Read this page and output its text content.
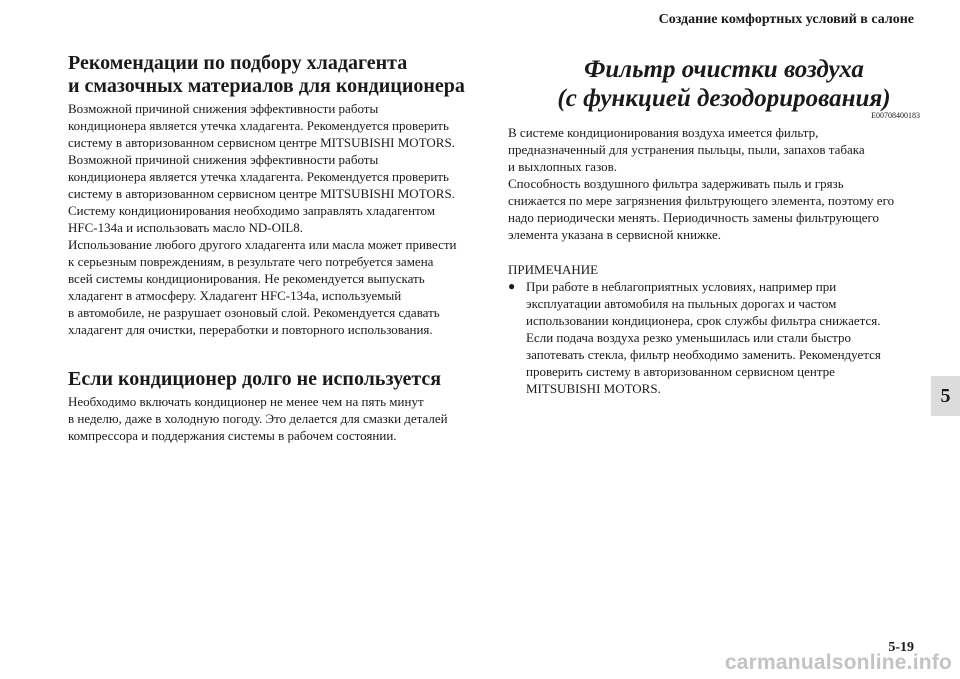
Создание комфортных условий в салоне
Рекомендации по подбору хладагента
и смазочных материалов для кондиционера

Возможной причиной снижения эффективности работы
кондиционера является утечка хладагента. Рекомендуется проверить
систему в авторизованном сервисном центре MITSUBISHI MOTORS.
Возможной причиной снижения эффективности работы
кондиционера является утечка хладагента. Рекомендуется проверить
систему в авторизованном сервисном центре MITSUBISHI MOTORS.
Систему кондиционирования необходимо заправлять хладагентом
HFC-134a и использовать масло ND-OIL8.
Использование любого другого хладагента или масла может привести
к серьезным повреждениям, в результате чего потребуется замена
всей системы кондиционирования. Не рекомендуется выпускать
хладагент в атмосферу. Хладагент HFC-134a, используемый
в автомобиле, не разрушает озоновый слой. Рекомендуется сдавать
хладагент для очистки, переработки и повторного использования.

Если кондиционер долго не используется

Необходимо включать кондиционер не менее чем на пять минут
в неделю, даже в холодную погоду. Это делается для смазки деталей
компрессора и поддержания системы в рабочем состоянии.

Фильтр очистки воздуха
(с функцией дезодорирования)
E00708400183

В системе кондиционирования воздуха имеется фильтр,
предназначенный для устранения пыльцы, пыли, запахов табака
и выхлопных газов.
Способность воздушного фильтра задерживать пыль и грязь
снижается по мере загрязнения фильтрующего элемента, поэтому его
надо периодически менять. Периодичность замены фильтрующего
элемента указана в сервисной книжке.

ПРИМЕЧАНИЕ
● При работе в неблагоприятных условиях, например при
эксплуатации автомобиля на пыльных дорогах и частом
использовании кондиционера, срок службы фильтра снижается.
Если подача воздуха резко уменьшилась или стали быстро
запотевать стекла, фильтр необходимо заменить. Рекомендуется
проверить систему в авторизованном сервисном центре
MITSUBISHI MOTORS.	5
5-19
carmanualsonline.info
